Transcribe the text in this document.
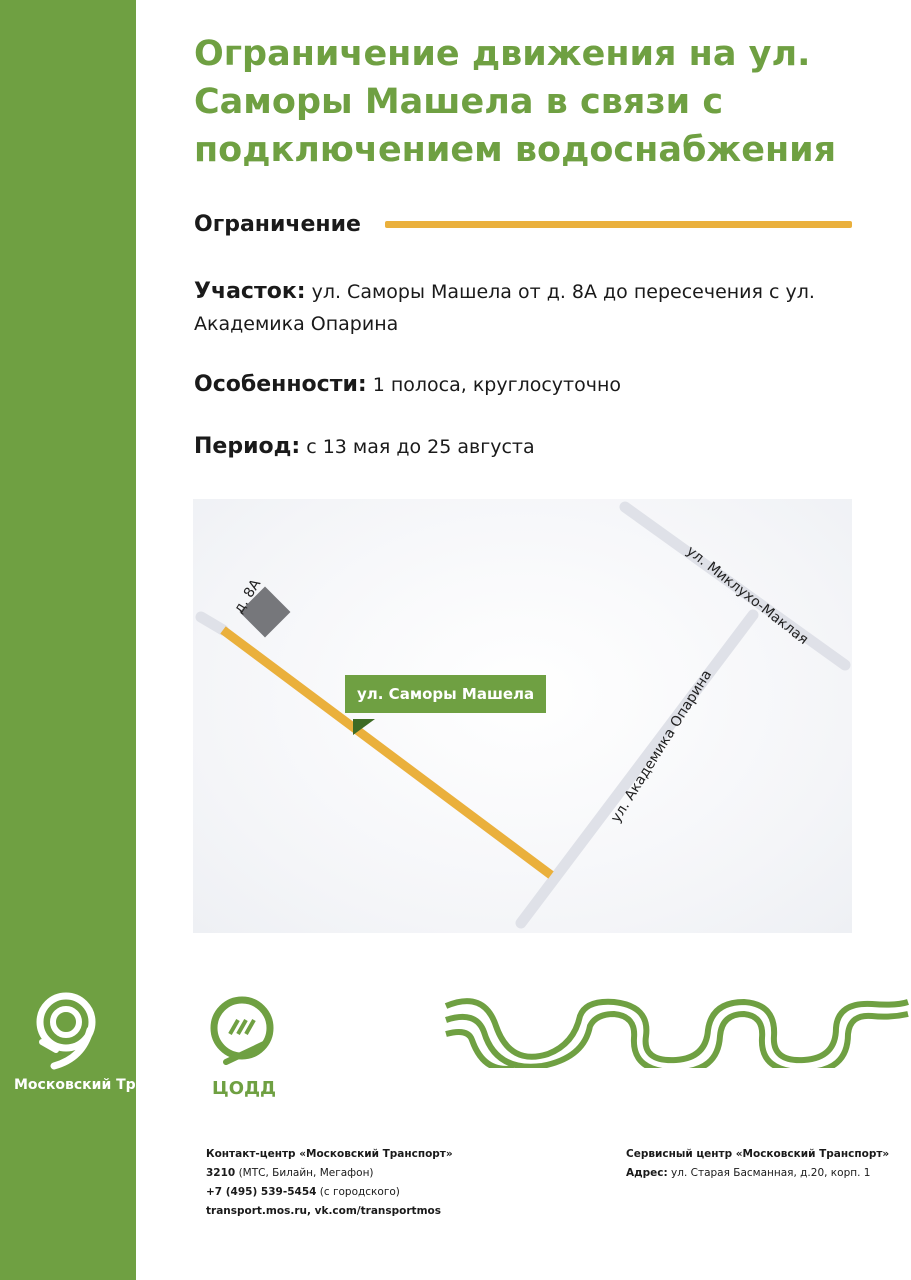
Московский Транспорт
Ограничение движения на ул. Саморы Машела в связи с подключением водоснабжения
Ограничение
Участок: ул. Саморы Машела от д. 8А до пересечения с ул. Академика Опарина
Особенности: 1 полоса, круглосуточно
Период: с 13 мая до 25 августа
д. 8А	ул. Миклухо-Маклая
ул. Академика Опарина
ул. Саморы Машела
ЦОДД
Контакт-центр «Московский Транспорт»
3210 (МТС, Билайн, Мегафон)
+7 (495) 539-5454 (с городского)
transport.mos.ru, vk.com/transportmos
Сервисный центр «Московский Транспорт»
Адрес: ул. Старая Басманная, д.20, корп. 1
